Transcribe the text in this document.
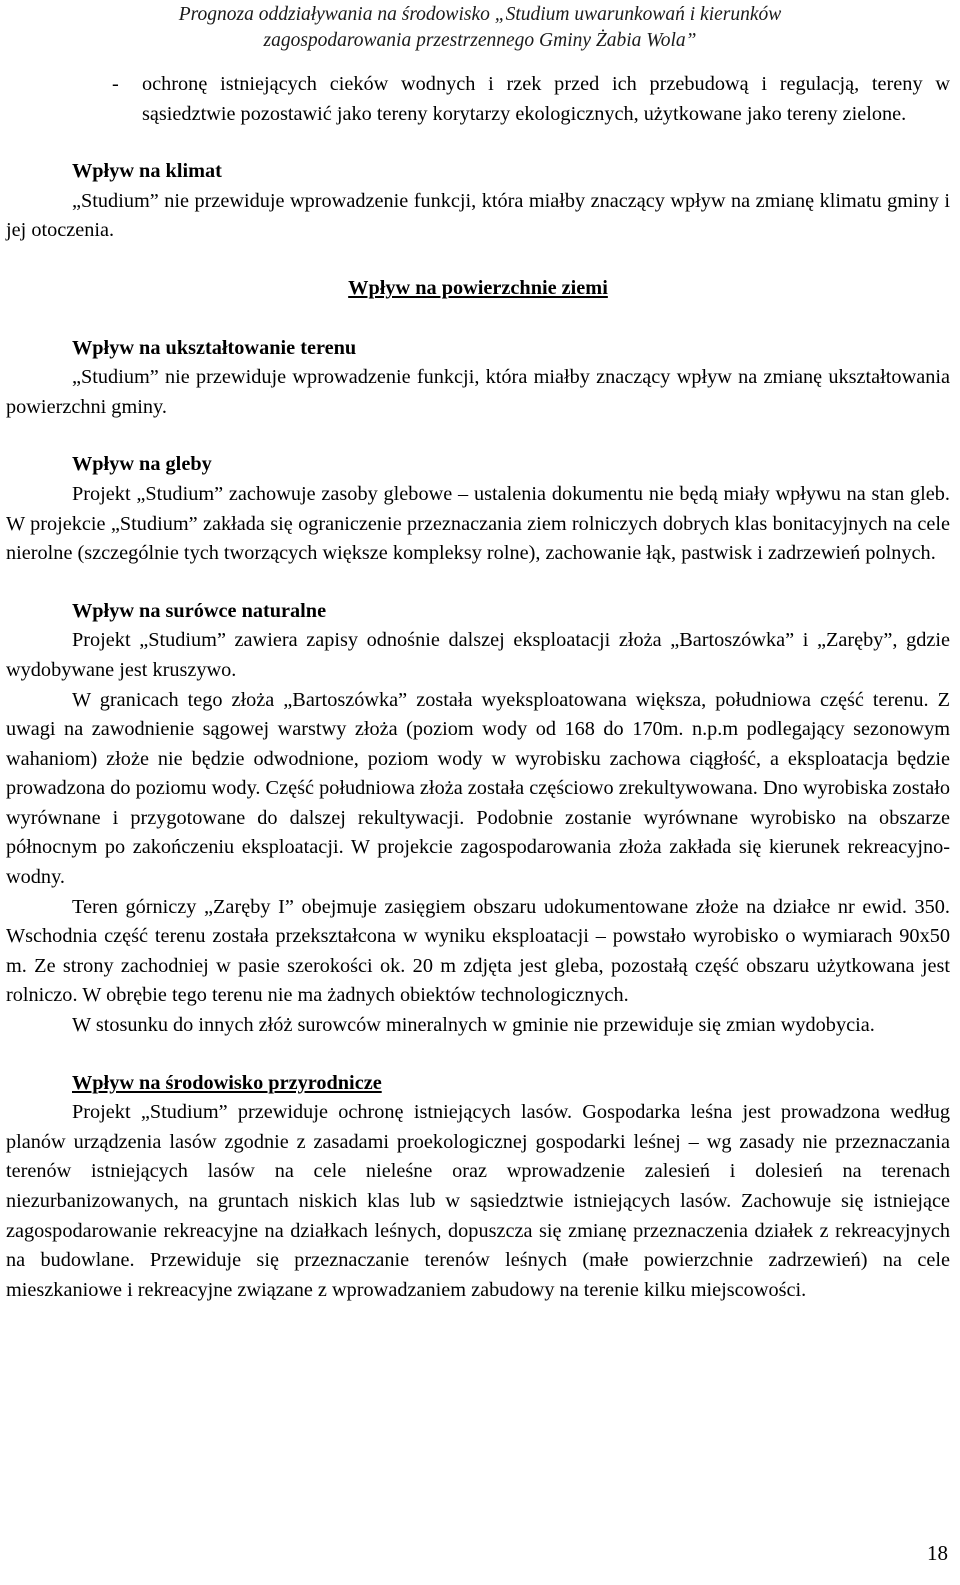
Prognoza oddziaływania na środowisko „Studium uwarunkowań i kierunków
zagospodarowania przestrzennego Gminy Żabia Wola”
-	ochronę istniejących cieków wodnych i rzek przed ich przebudową i regulacją, tereny w sąsiedztwie pozostawić jako tereny korytarzy ekologicznych, użytkowane jako tereny zielone.

Wpływ na klimat

„Studium” nie przewiduje wprowadzenie funkcji, która miałby znaczący wpływ na zmianę klimatu gminy i jej otoczenia.

Wpływ na powierzchnie ziemi

Wpływ na ukształtowanie terenu

„Studium” nie przewiduje wprowadzenie funkcji, która miałby znaczący wpływ na zmianę ukształtowania powierzchni gminy.

Wpływ na gleby

Projekt „Studium” zachowuje zasoby glebowe – ustalenia dokumentu nie będą miały wpływu na stan gleb. W projekcie „Studium” zakłada się ograniczenie przeznaczania ziem rolniczych dobrych klas bonitacyjnych na cele nierolne (szczególnie tych tworzących większe kompleksy rolne), zachowanie łąk, pastwisk i zadrzewień polnych.

Wpływ na surówce naturalne

Projekt „Studium” zawiera zapisy odnośnie dalszej eksploatacji złoża „Bartoszówka” i „Zaręby”, gdzie wydobywane jest kruszywo.

W granicach tego złoża „Bartoszówka” została wyeksploatowana większa, południowa część terenu. Z uwagi na zawodnienie sągowej warstwy złoża (poziom wody od 168 do 170m. n.p.m podlegający sezonowym wahaniom) złoże nie będzie odwodnione, poziom wody w wyrobisku zachowa ciągłość, a eksploatacja będzie prowadzona do poziomu wody. Część południowa złoża została częściowo zrekultywowana. Dno wyrobiska zostało wyrównane i przygotowane do dalszej rekultywacji. Podobnie zostanie wyrównane wyrobisko na obszarze północnym po zakończeniu eksploatacji. W projekcie zagospodarowania złoża zakłada się kierunek rekreacyjno-wodny.

Teren górniczy „Zaręby I” obejmuje zasięgiem obszaru udokumentowane złoże na działce nr ewid. 350. Wschodnia część terenu została przekształcona w wyniku eksploatacji – powstało wyrobisko o wymiarach 90x50 m. Ze strony zachodniej w pasie szerokości ok. 20 m zdjęta jest gleba, pozostałą część obszaru użytkowana jest rolniczo. W obrębie tego terenu nie ma żadnych obiektów technologicznych.

W stosunku do innych złóż surowców mineralnych w gminie nie przewiduje się zmian wydobycia.

Wpływ na środowisko przyrodnicze

Projekt „Studium” przewiduje ochronę istniejących lasów. Gospodarka leśna jest prowadzona według planów urządzenia lasów zgodnie z zasadami proekologicznej gospodarki leśnej – wg zasady nie przeznaczania terenów istniejących lasów na cele nieleśne oraz wprowadzenie zalesień i dolesień na terenach niezurbanizowanych, na gruntach niskich klas lub w sąsiedztwie istniejących lasów. Zachowuje się istniejące zagospodarowanie rekreacyjne na działkach leśnych, dopuszcza się zmianę przeznaczenia działek z rekreacyjnych na budowlane. Przewiduje się przeznaczanie terenów leśnych (małe powierzchnie zadrzewień) na cele mieszkaniowe i rekreacyjne związane z wprowadzaniem zabudowy na terenie kilku miejscowości.

18
